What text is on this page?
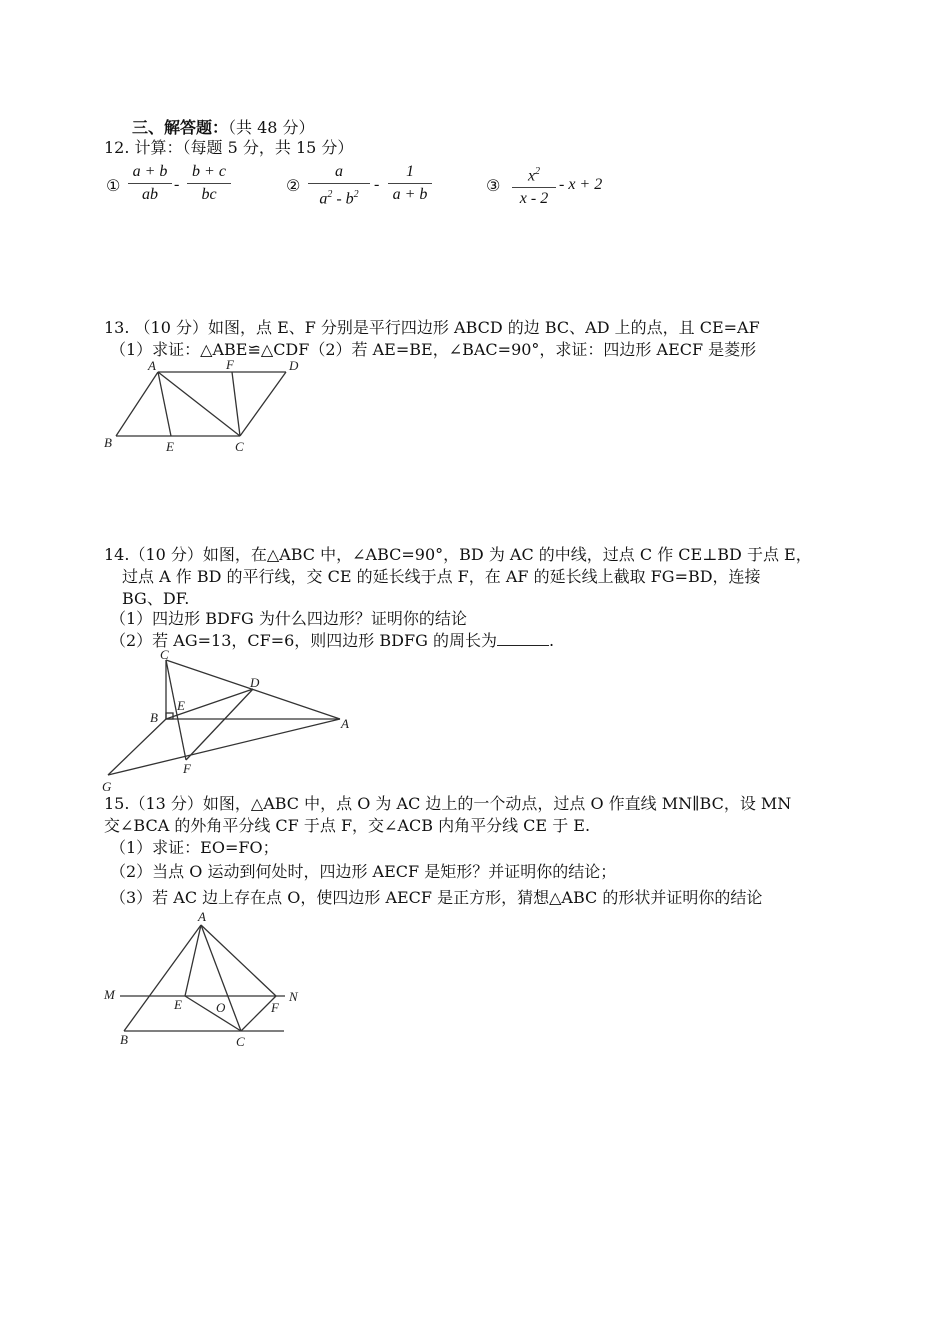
三、解答题：（共 48 分）
12. 计算：（每题 5 分，共 15 分）
①
a + b
ab
-
b + c
bc	②
a
$a^2 - b^2$
-
1
a + b	③
$x^2$
x - 2
- x + 2
13. （10 分）如图，点 E、F 分别是平行四边形 ABCD 的边 BC、AD 上的点，且 CE=AF
（1）求证：△ABE≌△CDF（2）若 AE=BE，∠BAC=90°，求证：四边形 AECF 是菱形
A	F	D
B	E	C
14.（10 分）如图，在△ABC 中，∠ABC=90°，BD 为 AC 的中线，过点 C 作 CE⊥BD 于点 E，
过点 A 作 BD 的平行线，交 CE 的延长线于点 F，在 AF 的延长线上截取 FG=BD，连接
BG、DF.
（1）四边形 BDFG 为什么四边形？证明你的结论
（2）若 AG=13，CF=6，则四边形 BDFG 的周长为	.
C
D
E
B	A
F
G
15.（13 分）如图，△ABC 中，点 O 为 AC 边上的一个动点，过点 O 作直线 MN∥BC，设 MN
交∠BCA 的外角平分线 CF 于点 F，交∠ACB 内角平分线 CE 于 E.
（1）求证：EO=FO；
（2）当点 O 运动到何处时，四边形 AECF 是矩形？并证明你的结论；
（3）若 AC 边上存在点 O，使四边形 AECF 是正方形，猜想△ABC 的形状并证明你的结论
A
M	N
E	O	F
B	C
